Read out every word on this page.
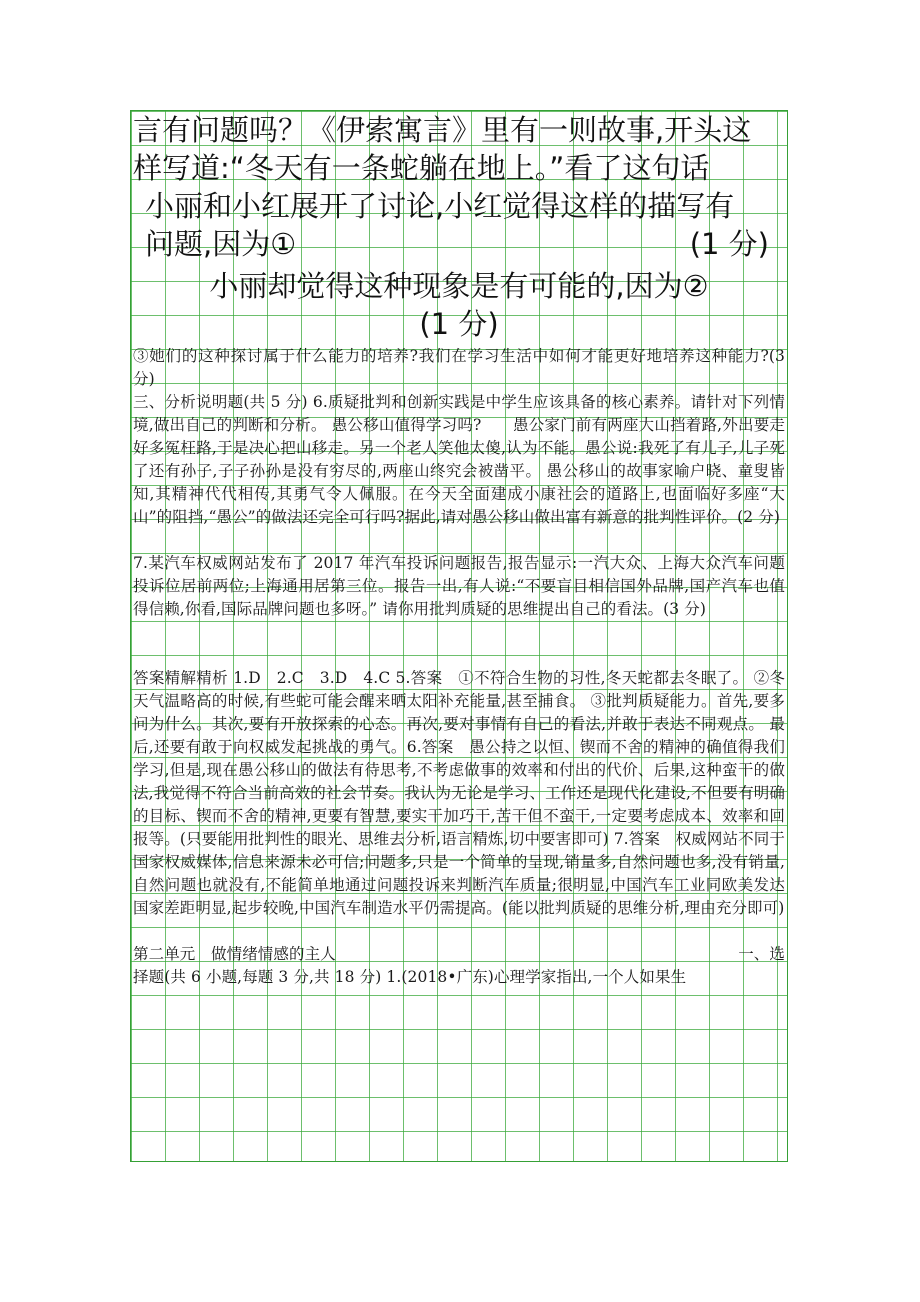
言有问题吗？《伊索寓言》里有一则故事,开头这

样写道:“冬天有一条蛇躺在地上。”看了这句话

小丽和小红展开了讨论,小红觉得这样的描写有

问题,因为①	(1 分)

小丽却觉得这种现象是有可能的,因为②

(1 分)

③她们的这种探讨属于什么能力的培养?我们在学习生活中如何才能更好地培养这种能力?(3 分)

三、分析说明题(共 5 分) 6.质疑批判和创新实践是中学生应该具备的核心素养。请针对下列情境,做出自己的判断和分析。 愚公移山值得学习吗?　　愚公家门前有两座大山挡着路,外出要走好多冤枉路,于是决心把山移走。另一个老人笑他太傻,认为不能。愚公说:我死了有儿子,儿子死了还有孙子,子子孙孙是没有穷尽的,两座山终究会被凿平。 愚公移山的故事家喻户晓、童叟皆知,其精神代代相传,其勇气令人佩服。在今天全面建成小康社会的道路上,也面临好多座“大山”的阻挡,“愚公”的做法还完全可行吗?据此,请对愚公移山做出富有新意的批判性评价。(2 分)

7.某汽车权威网站发布了 2017 年汽车投诉问题报告,报告显示:一汽大众、上海大众汽车问题投诉位居前两位;上海通用居第三位。报告一出,有人说:“不要盲目相信国外品牌,国产汽车也值得信赖,你看,国际品牌问题也多呀。” 请你用批判质疑的思维提出自己的看法。(3 分)

答案精解精析 1.D　2.C　3.D　4.C 5.答案　①不符合生物的习性,冬天蛇都去冬眠了。 ②冬天气温略高的时候,有些蛇可能会醒来晒太阳补充能量,甚至捕食。 ③批判质疑能力。首先,要多问为什么。其次,要有开放探索的心态。再次,要对事情有自己的看法,并敢于表达不同观点。 最后,还要有敢于向权威发起挑战的勇气。6.答案　愚公持之以恒、锲而不舍的精神的确值得我们学习,但是,现在愚公移山的做法有待思考,不考虑做事的效率和付出的代价、后果,这种蛮干的做法,我觉得不符合当前高效的社会节奏。我认为无论是学习、工作还是现代化建设,不但要有明确的目标、锲而不舍的精神,更要有智慧,要实干加巧干,苦干但不蛮干,一定要考虑成本、效率和回报等。(只要能用批判性的眼光、思维去分析,语言精炼,切中要害即可) 7.答案　权威网站不同于国家权威媒体,信息来源未必可信;问题多,只是一个简单的呈现,销量多,自然问题也多,没有销量,自然问题也就没有,不能简单地通过问题投诉来判断汽车质量;很明显,中国汽车工业同欧美发达国家差距明显,起步较晚,中国汽车制造水平仍需提高。(能以批判质疑的思维分析,理由充分即可)

第二单元　做情绪情感的主人	一、选

择题(共 6 小题,每题 3 分,共 18 分) 1.(2018•广东)心理学家指出,一个人如果生
